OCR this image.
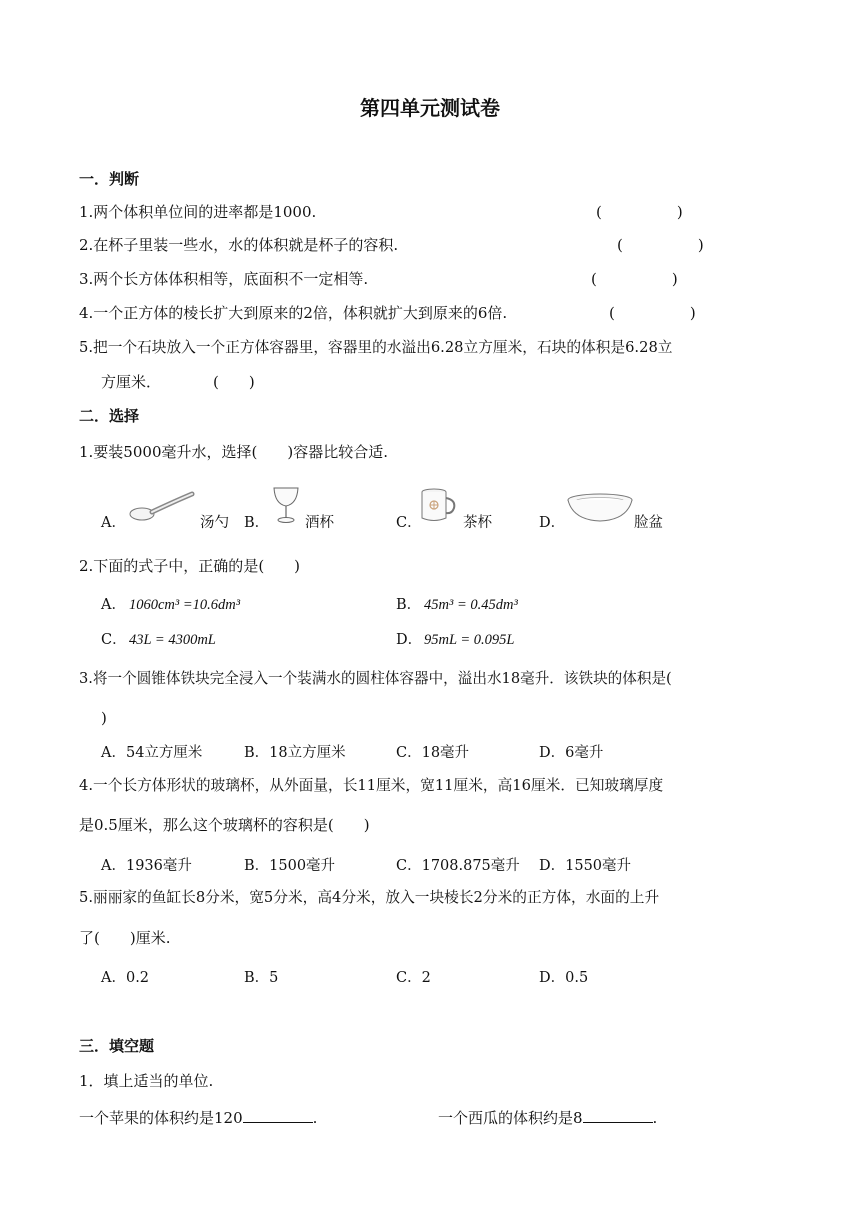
第四单元测试卷
一．判断
1.两个体积单位间的进率都是1000.	(　　　　　)
2.在杯子里装一些水，水的体积就是杯子的容积.	(　　　　　)
3.两个长方体体积相等，底面积不一定相等.	(　　　　　)
4.一个正方体的棱长扩大到原来的2倍，体积就扩大到原来的6倍.	(　　　　　)
5.把一个石块放入一个正方体容器里，容器里的水溢出6.28立方厘米，石块的体积是6.28立
方厘米．	(　　)
二．选择
1.要装5000毫升水，选择(　　)容器比较合适.
A．	汤勺 B． 酒杯	C．	茶杯	D．	脸盆
2.下面的式子中，正确的是(　　)
A． 1060cm³ =10.6dm³	B． 45m³ = 0.45dm³
C． 43L = 4300mL	D． 95mL = 0.095L
3.将一个圆锥体铁块完全浸入一个装满水的圆柱体容器中，溢出水18毫升．该铁块的体积是(
)
A．54立方厘米	B．18立方厘米	C．18毫升	D．6毫升
4.一个长方体形状的玻璃杯，从外面量，长11厘米，宽11厘米，高16厘米．已知玻璃厚度
是0.5厘米，那么这个玻璃杯的容积是(　　)
A．1936毫升	B．1500毫升	C．1708.875毫升 D．1550毫升
5.丽丽家的鱼缸长8分米，宽5分米，高4分米，放入一块棱长2分米的正方体，水面的上升
了(　　)厘米.
A．0.2	B．5	C．2	D．0.5
三．填空题
1．填上适当的单位.
一个苹果的体积约是120	.	一个西瓜的体积约是8	.
